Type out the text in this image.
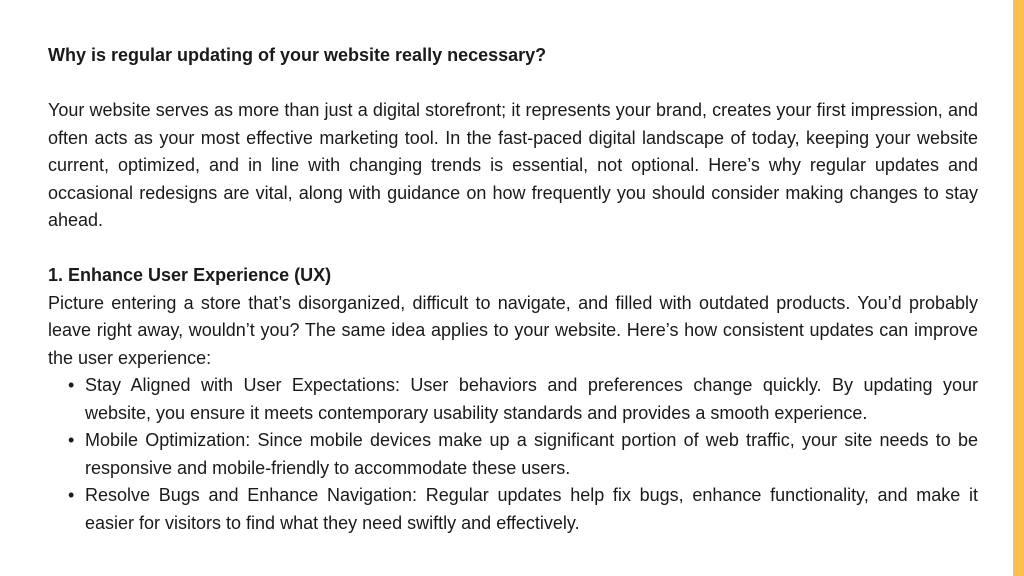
Why is regular updating of your website really necessary?

Your website serves as more than just a digital storefront; it represents your brand, creates your first impression, and often acts as your most effective marketing tool. In the fast-paced digital landscape of today, keeping your website current, optimized, and in line with changing trends is essential, not optional. Here’s why regular updates and occasional redesigns are vital, along with guidance on how frequently you should consider making changes to stay ahead.

1. Enhance User Experience (UX)

Picture entering a store that’s disorganized, difficult to navigate, and filled with outdated products. You’d probably leave right away, wouldn’t you? The same idea applies to your website. Here’s how consistent updates can improve the user experience:

• Stay Aligned with User Expectations: User behaviors and preferences change quickly. By updating your website, you ensure it meets contemporary usability standards and provides a smooth experience.
• Mobile Optimization: Since mobile devices make up a significant portion of web traffic, your site needs to be responsive and mobile-friendly to accommodate these users.
• Resolve Bugs and Enhance Navigation: Regular updates help fix bugs, enhance functionality, and make it easier for visitors to find what they need swiftly and effectively.
